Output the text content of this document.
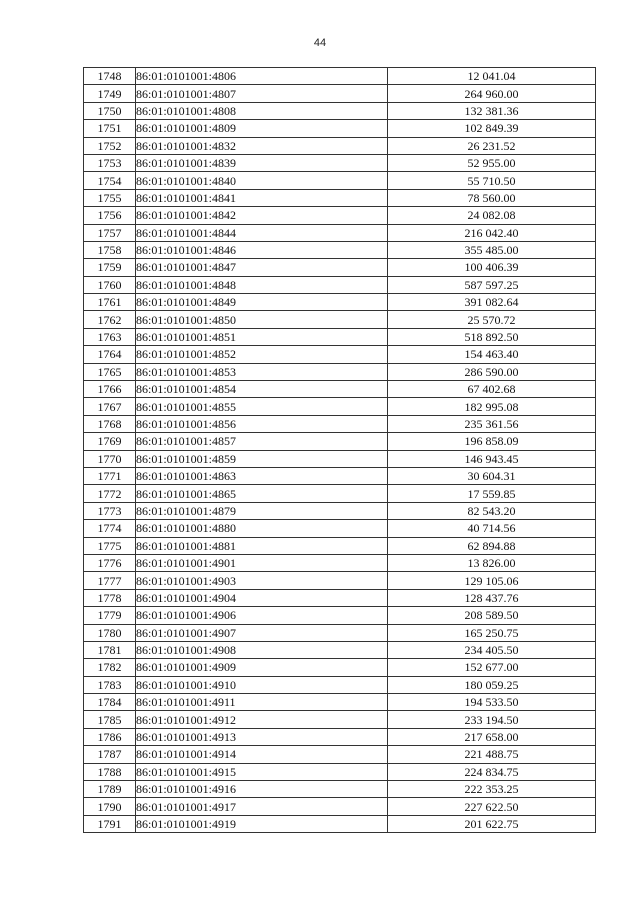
44
1748	86:01:0101001:4806	12 041.04
1749	86:01:0101001:4807	264 960.00
1750	86:01:0101001:4808	132 381.36
1751	86:01:0101001:4809	102 849.39
1752	86:01:0101001:4832	26 231.52
1753	86:01:0101001:4839	52 955.00
1754	86:01:0101001:4840	55 710.50
1755	86:01:0101001:4841	78 560.00
1756	86:01:0101001:4842	24 082.08
1757	86:01:0101001:4844	216 042.40
1758	86:01:0101001:4846	355 485.00
1759	86:01:0101001:4847	100 406.39
1760	86:01:0101001:4848	587 597.25
1761	86:01:0101001:4849	391 082.64
1762	86:01:0101001:4850	25 570.72
1763	86:01:0101001:4851	518 892.50
1764	86:01:0101001:4852	154 463.40
1765	86:01:0101001:4853	286 590.00
1766	86:01:0101001:4854	67 402.68
1767	86:01:0101001:4855	182 995.08
1768	86:01:0101001:4856	235 361.56
1769	86:01:0101001:4857	196 858.09
1770	86:01:0101001:4859	146 943.45
1771	86:01:0101001:4863	30 604.31
1772	86:01:0101001:4865	17 559.85
1773	86:01:0101001:4879	82 543.20
1774	86:01:0101001:4880	40 714.56
1775	86:01:0101001:4881	62 894.88
1776	86:01:0101001:4901	13 826.00
1777	86:01:0101001:4903	129 105.06
1778	86:01:0101001:4904	128 437.76
1779	86:01:0101001:4906	208 589.50
1780	86:01:0101001:4907	165 250.75
1781	86:01:0101001:4908	234 405.50
1782	86:01:0101001:4909	152 677.00
1783	86:01:0101001:4910	180 059.25
1784	86:01:0101001:4911	194 533.50
1785	86:01:0101001:4912	233 194.50
1786	86:01:0101001:4913	217 658.00
1787	86:01:0101001:4914	221 488.75
1788	86:01:0101001:4915	224 834.75
1789	86:01:0101001:4916	222 353.25
1790	86:01:0101001:4917	227 622.50
1791	86:01:0101001:4919	201 622.75
